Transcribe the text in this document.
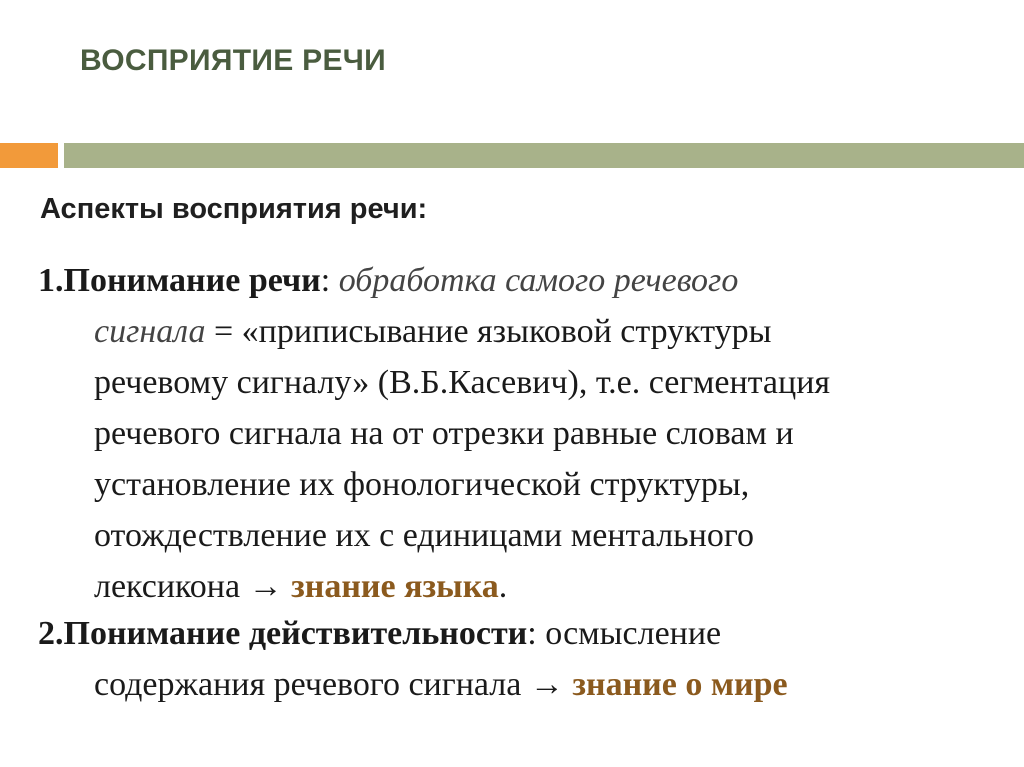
ВОСПРИЯТИЕ РЕЧИ
Аспекты восприятия речи:
1.Понимание речи: обработка самого речевого
сигнала = «приписывание языковой структуры
речевому сигналу» (В.Б.Касевич), т.е. сегментация
речевого сигнала на от отрезки равные словам и
установление их фонологической структуры,
отождествление их с единицами ментального
лексикона → знание языка.
2.Понимание действительности: осмысление
содержания речевого сигнала → знание о мире
